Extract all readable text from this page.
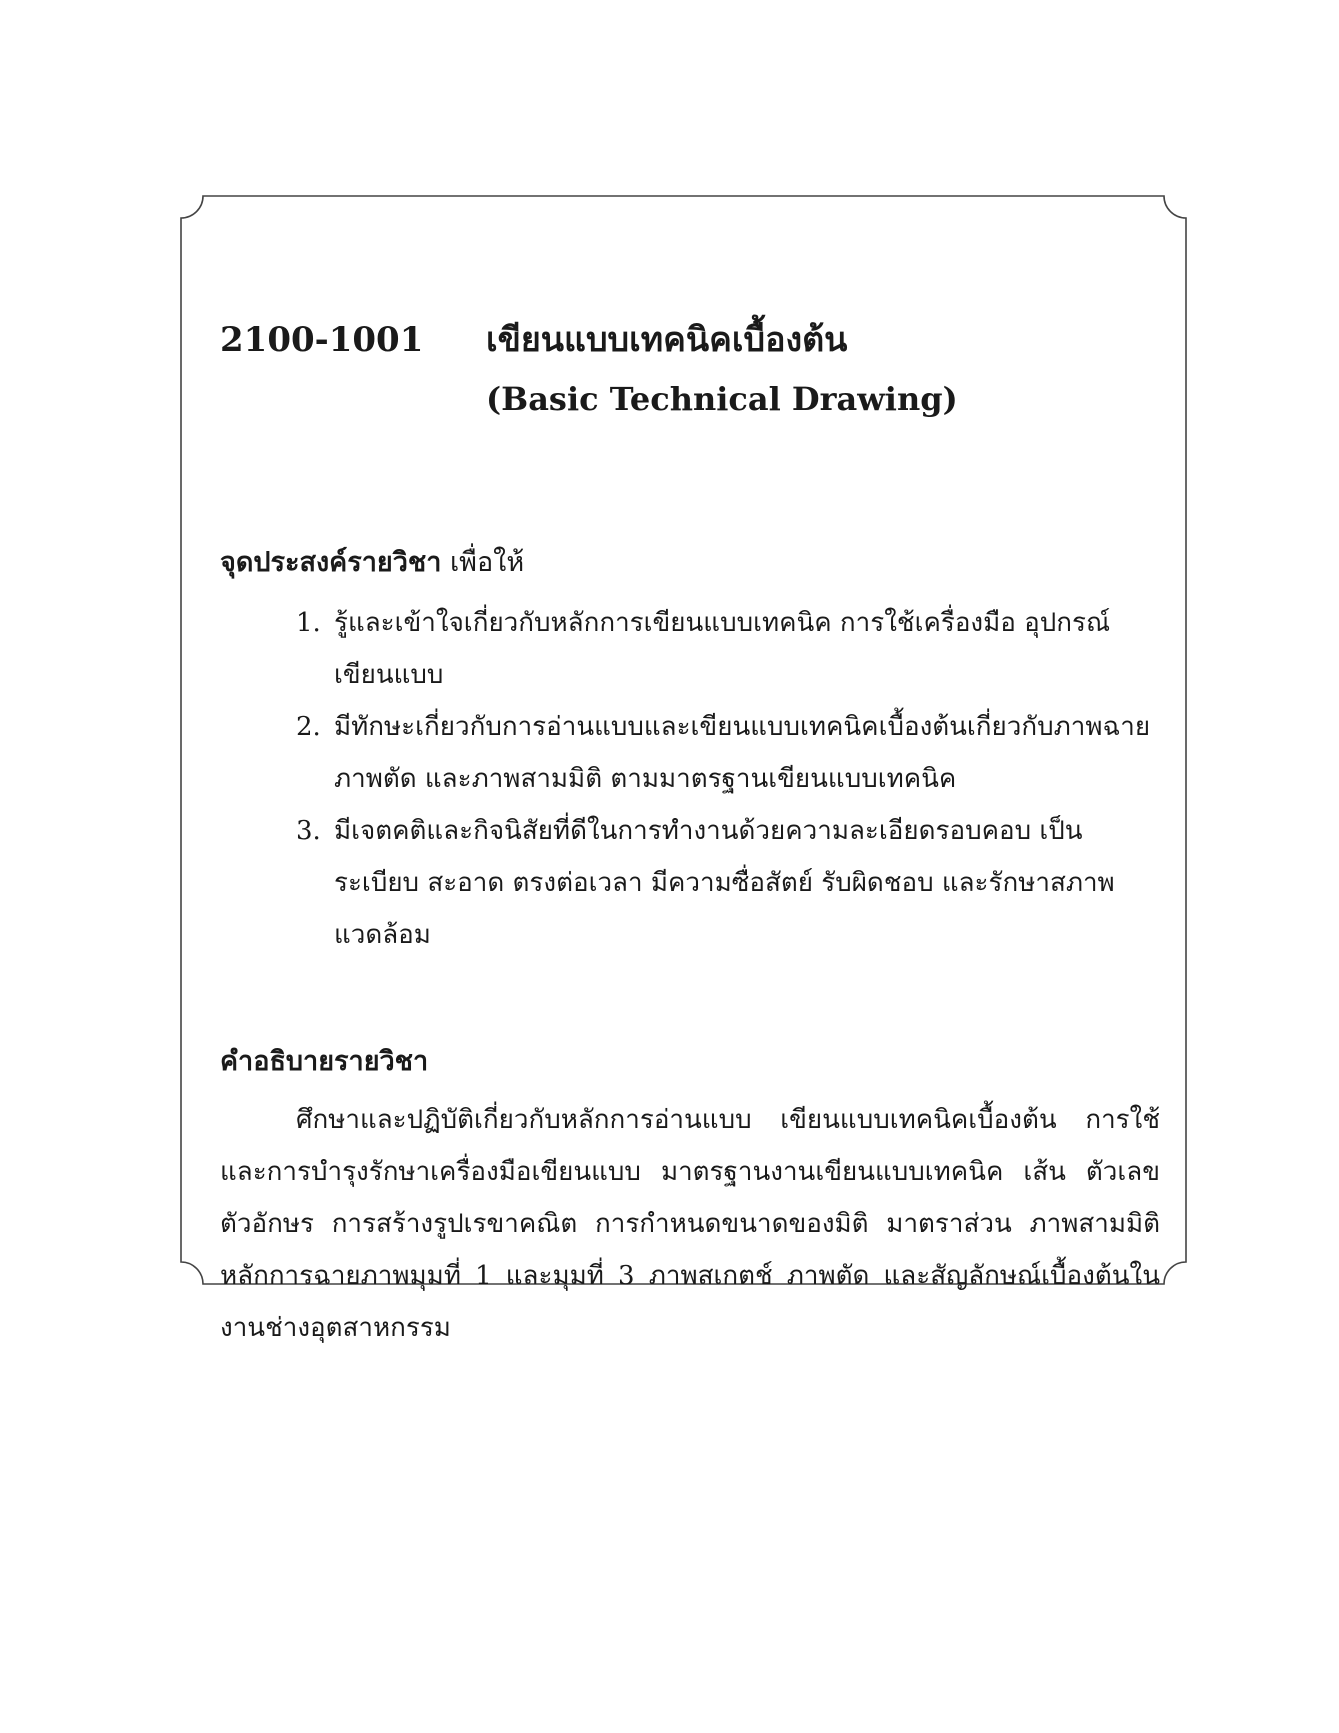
2100-1001	เขียนแบบเทคนิคเบื้องต้น
(Basic Technical Drawing)

จุดประสงค์รายวิชา เพื่อให้

1. รู้และเข้าใจเกี่ยวกับหลักการเขียนแบบเทคนิค การใช้เครื่องมือ อุปกรณ์เขียนแบบ
2. มีทักษะเกี่ยวกับการอ่านแบบและเขียนแบบเทคนิคเบื้องต้นเกี่ยวกับภาพฉาย ภาพตัด และภาพสามมิติ ตามมาตรฐานเขียนแบบเทคนิค
3. มีเจตคติและกิจนิสัยที่ดีในการทำงานด้วยความละเอียดรอบคอบ เป็นระเบียบ สะอาด ตรงต่อเวลา มีความซื่อสัตย์ รับผิดชอบ และรักษาสภาพแวดล้อม

คำอธิบายรายวิชา

ศึกษาและปฏิบัติเกี่ยวกับหลักการอ่านแบบ เขียนแบบเทคนิคเบื้องต้น การใช้และการบำรุงรักษาเครื่องมือเขียนแบบ มาตรฐานงานเขียนแบบเทคนิค เส้น ตัวเลข ตัวอักษร การสร้างรูปเรขาคณิต การกำหนดขนาดของมิติ มาตราส่วน ภาพสามมิติ หลักการฉายภาพมุมที่ 1 และมุมที่ 3 ภาพสเกตช์ ภาพตัด และสัญลักษณ์เบื้องต้นในงานช่างอุตสาหกรรม
